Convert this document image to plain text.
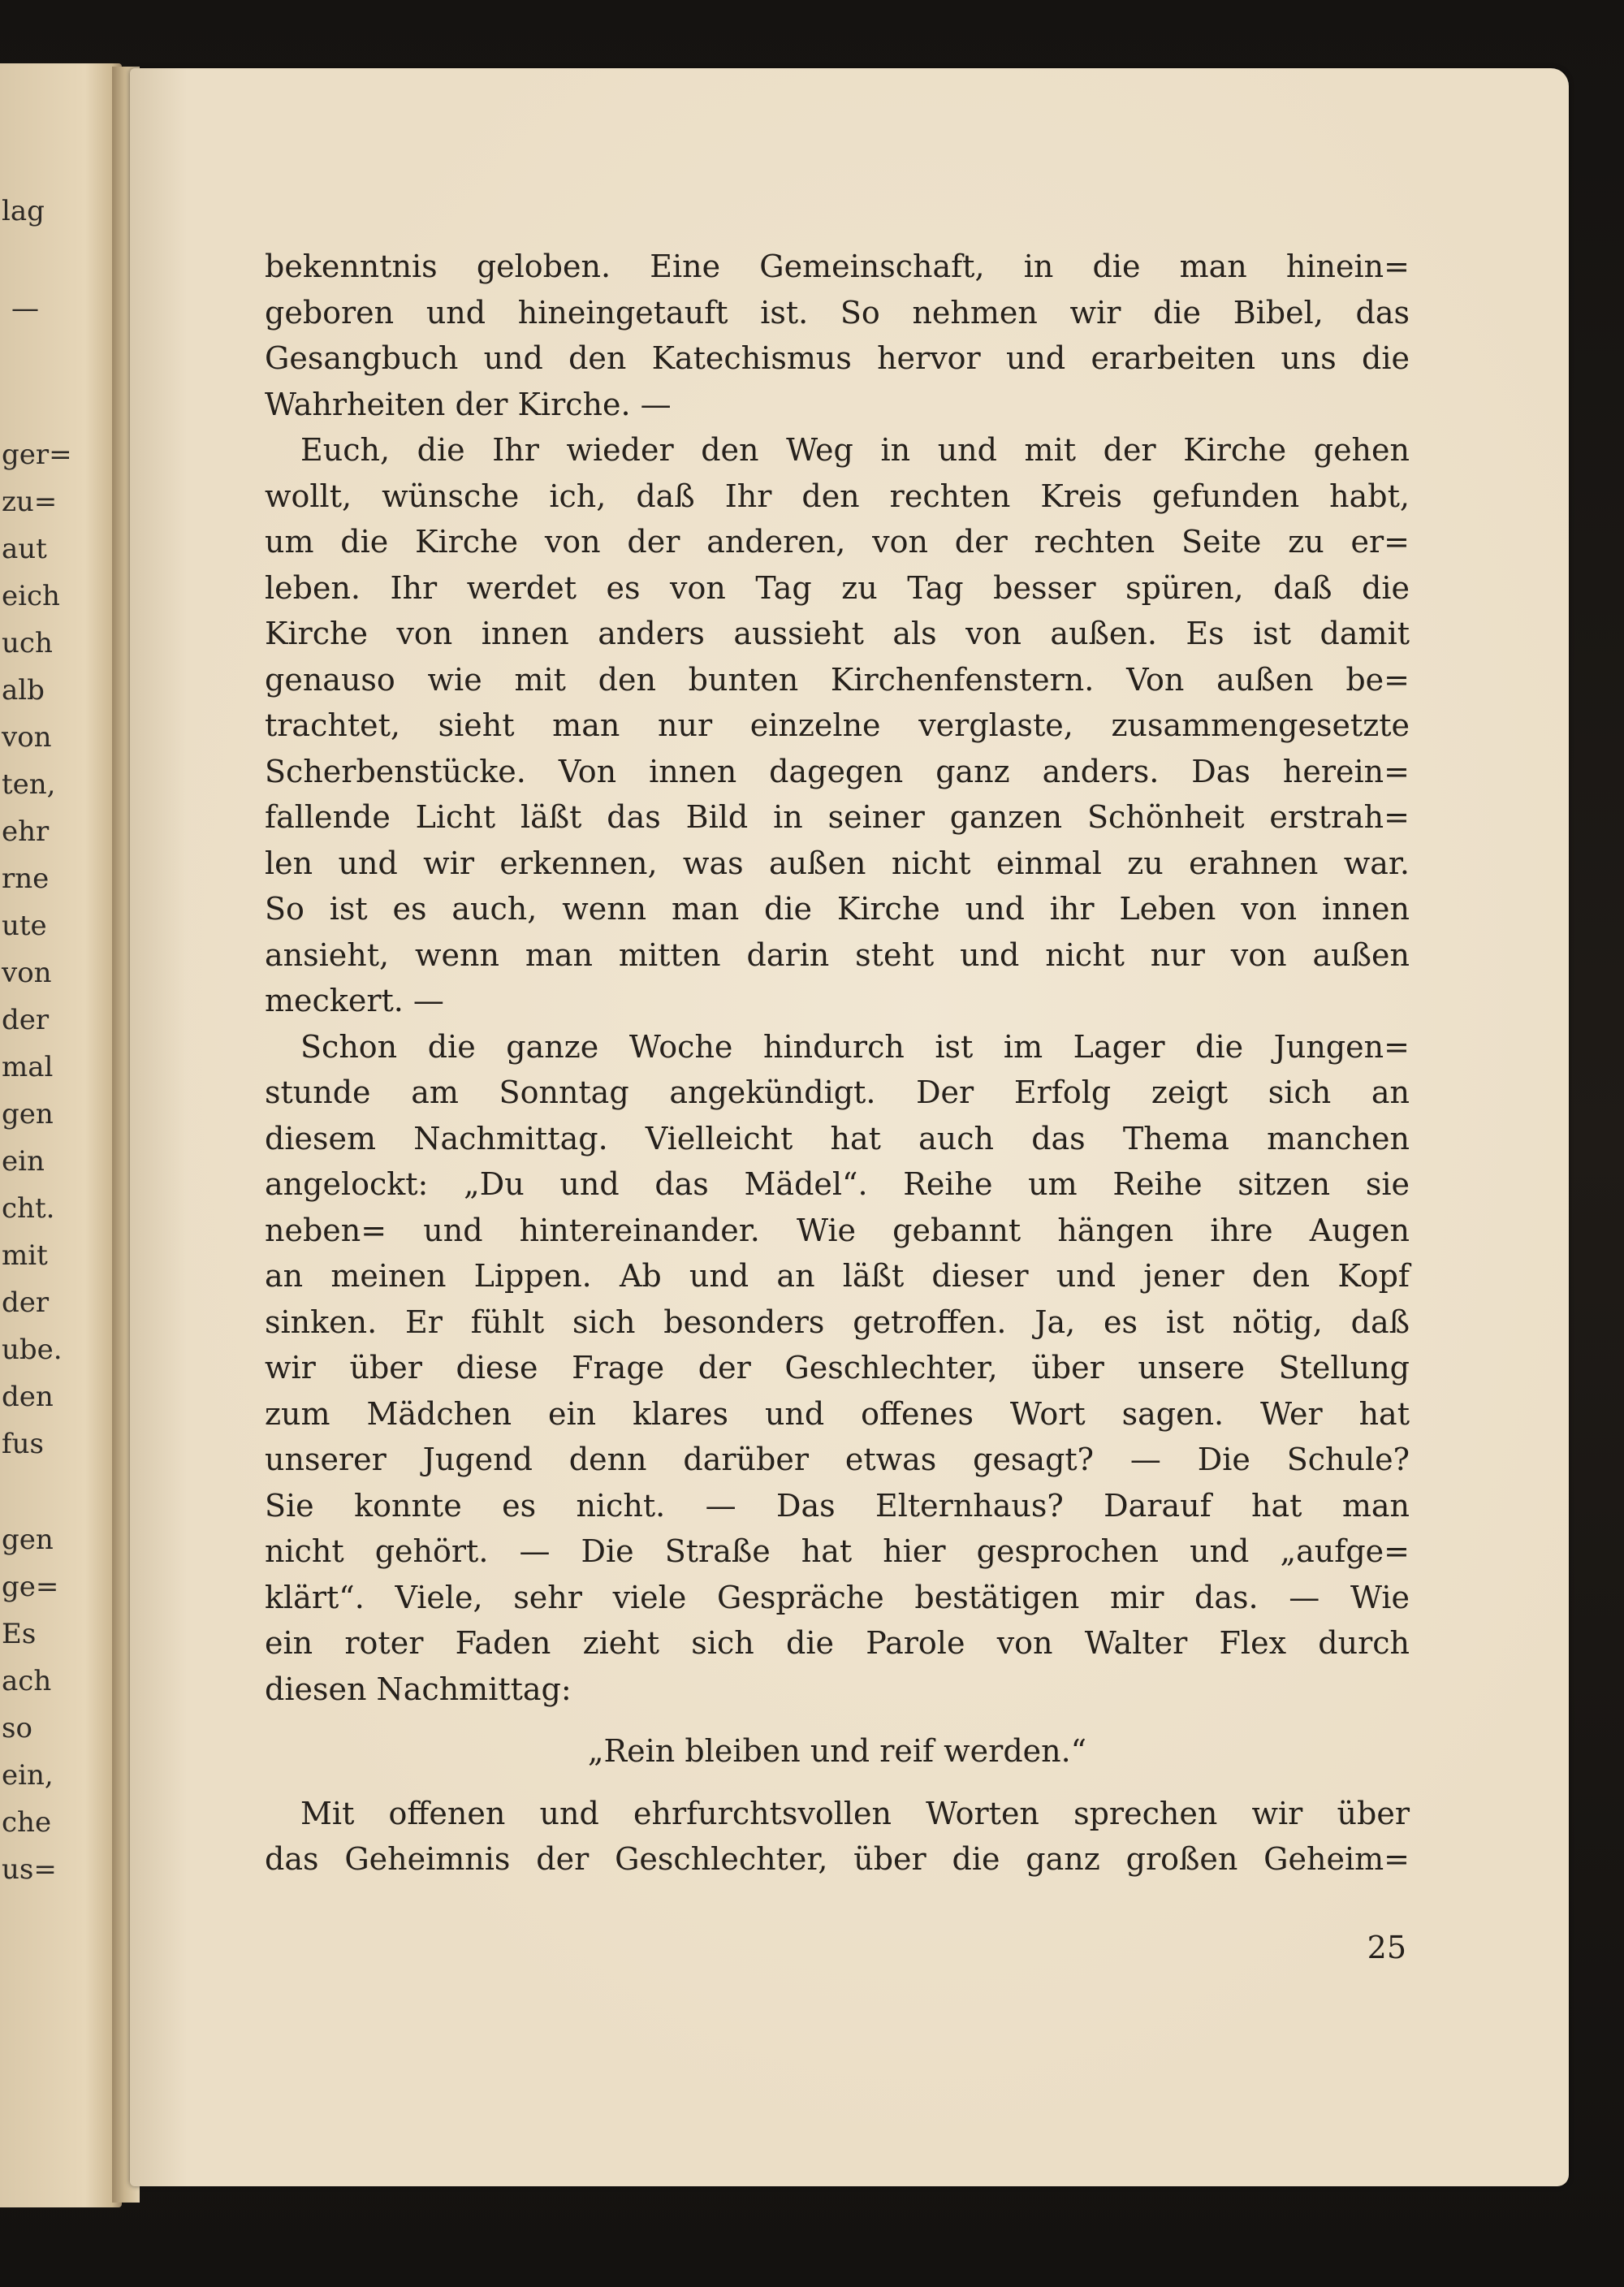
lag
—
ger=
zu=
aut
eich
uch
alb
von
ten,
ehr
rne
ute
von
der
mal
gen
ein
cht.
mit
der
ube.
den
fus
gen
ge=
Es
ach
so
ein,
che
us=
bekenntnis geloben. Eine Gemeinschaft, in die man hinein=
geboren und hineingetauft ist. So nehmen wir die Bibel, das
Gesangbuch und den Katechismus hervor und erarbeiten uns die
Wahrheiten der Kirche. —
Euch, die Ihr wieder den Weg in und mit der Kirche gehen
wollt, wünsche ich, daß Ihr den rechten Kreis gefunden habt,
um die Kirche von der anderen, von der rechten Seite zu er=
leben. Ihr werdet es von Tag zu Tag besser spüren, daß die
Kirche von innen anders aussieht als von außen. Es ist damit
genauso wie mit den bunten Kirchenfenstern. Von außen be=
trachtet, sieht man nur einzelne verglaste, zusammengesetzte
Scherbenstücke. Von innen dagegen ganz anders. Das herein=
fallende Licht läßt das Bild in seiner ganzen Schönheit erstrah=
len und wir erkennen, was außen nicht einmal zu erahnen war.
So ist es auch, wenn man die Kirche und ihr Leben von innen
ansieht, wenn man mitten darin steht und nicht nur von außen
meckert. —
Schon die ganze Woche hindurch ist im Lager die Jungen=
stunde am Sonntag angekündigt. Der Erfolg zeigt sich an
diesem Nachmittag. Vielleicht hat auch das Thema manchen
angelockt: „Du und das Mädel“. Reihe um Reihe sitzen sie
neben= und hintereinander. Wie gebannt hängen ihre Augen
an meinen Lippen. Ab und an läßt dieser und jener den Kopf
sinken. Er fühlt sich besonders getroffen. Ja, es ist nötig, daß
wir über diese Frage der Geschlechter, über unsere Stellung
zum Mädchen ein klares und offenes Wort sagen. Wer hat
unserer Jugend denn darüber etwas gesagt? — Die Schule?
Sie konnte es nicht. — Das Elternhaus? Darauf hat man
nicht gehört. — Die Straße hat hier gesprochen und „aufge=
klärt“. Viele, sehr viele Gespräche bestätigen mir das. — Wie
ein roter Faden zieht sich die Parole von Walter Flex durch
diesen Nachmittag:
„Rein bleiben und reif werden.“
Mit offenen und ehrfurchtsvollen Worten sprechen wir über
das Geheimnis der Geschlechter, über die ganz großen Geheim=
25
